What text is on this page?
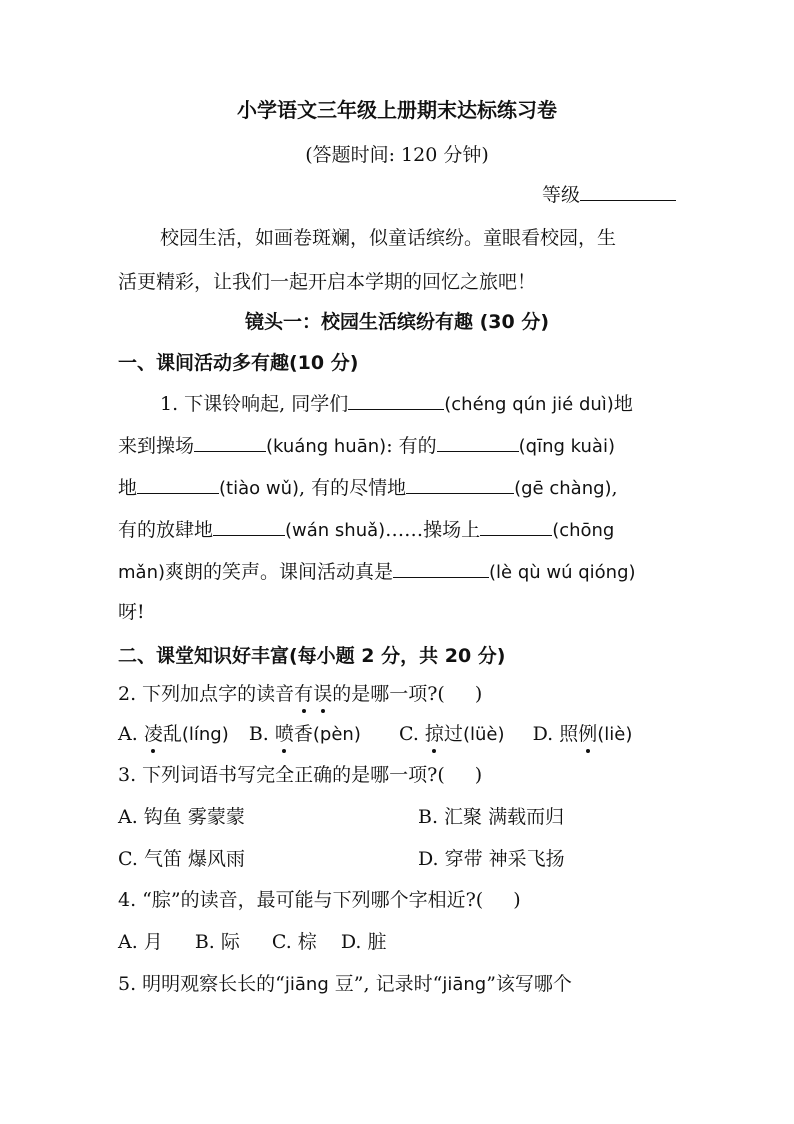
小学语文三年级上册期末达标练习卷
(答题时间: 120 分钟)
等级
校园生活，如画卷斑斓，似童话缤纷。童眼看校园，生
活更精彩，让我们一起开启本学期的回忆之旅吧！
镜头一：校园生活缤纷有趣 (30 分)
一、课间活动多有趣(10 分)
1. 下课铃响起, 同学们	(chéng qún jié duì)地
来到操场	(kuáng huān): 有的	(qīng kuài)
地	(tiào wǔ), 有的尽情地	(gē chàng),
有的放肆地	(wán shuǎ)……操场上	(chōng
mǎn)爽朗的笑声。课间活动真是	(lè qù wú qióng)
呀!
二、课堂知识好丰富(每小题 2 分，共 20 分)
2. 下列加点字的读音有误的是哪一项?( )
A. 凌乱(líng) B. 喷香(pèn) C. 掠过(lüè) D. 照例(liè)
3. 下列词语书写完全正确的是哪一项?( )
A. 钩鱼 雾蒙蒙	B. 汇聚 满载而归
C. 气笛 爆风雨	D. 穿带 神采飞扬
4. “腙”的读音，最可能与下列哪个字相近?( )
A. 月 B. 际 C. 棕 D. 脏
5. 明明观察长长的“jiāng 豆”, 记录时“jiāng”该写哪个
